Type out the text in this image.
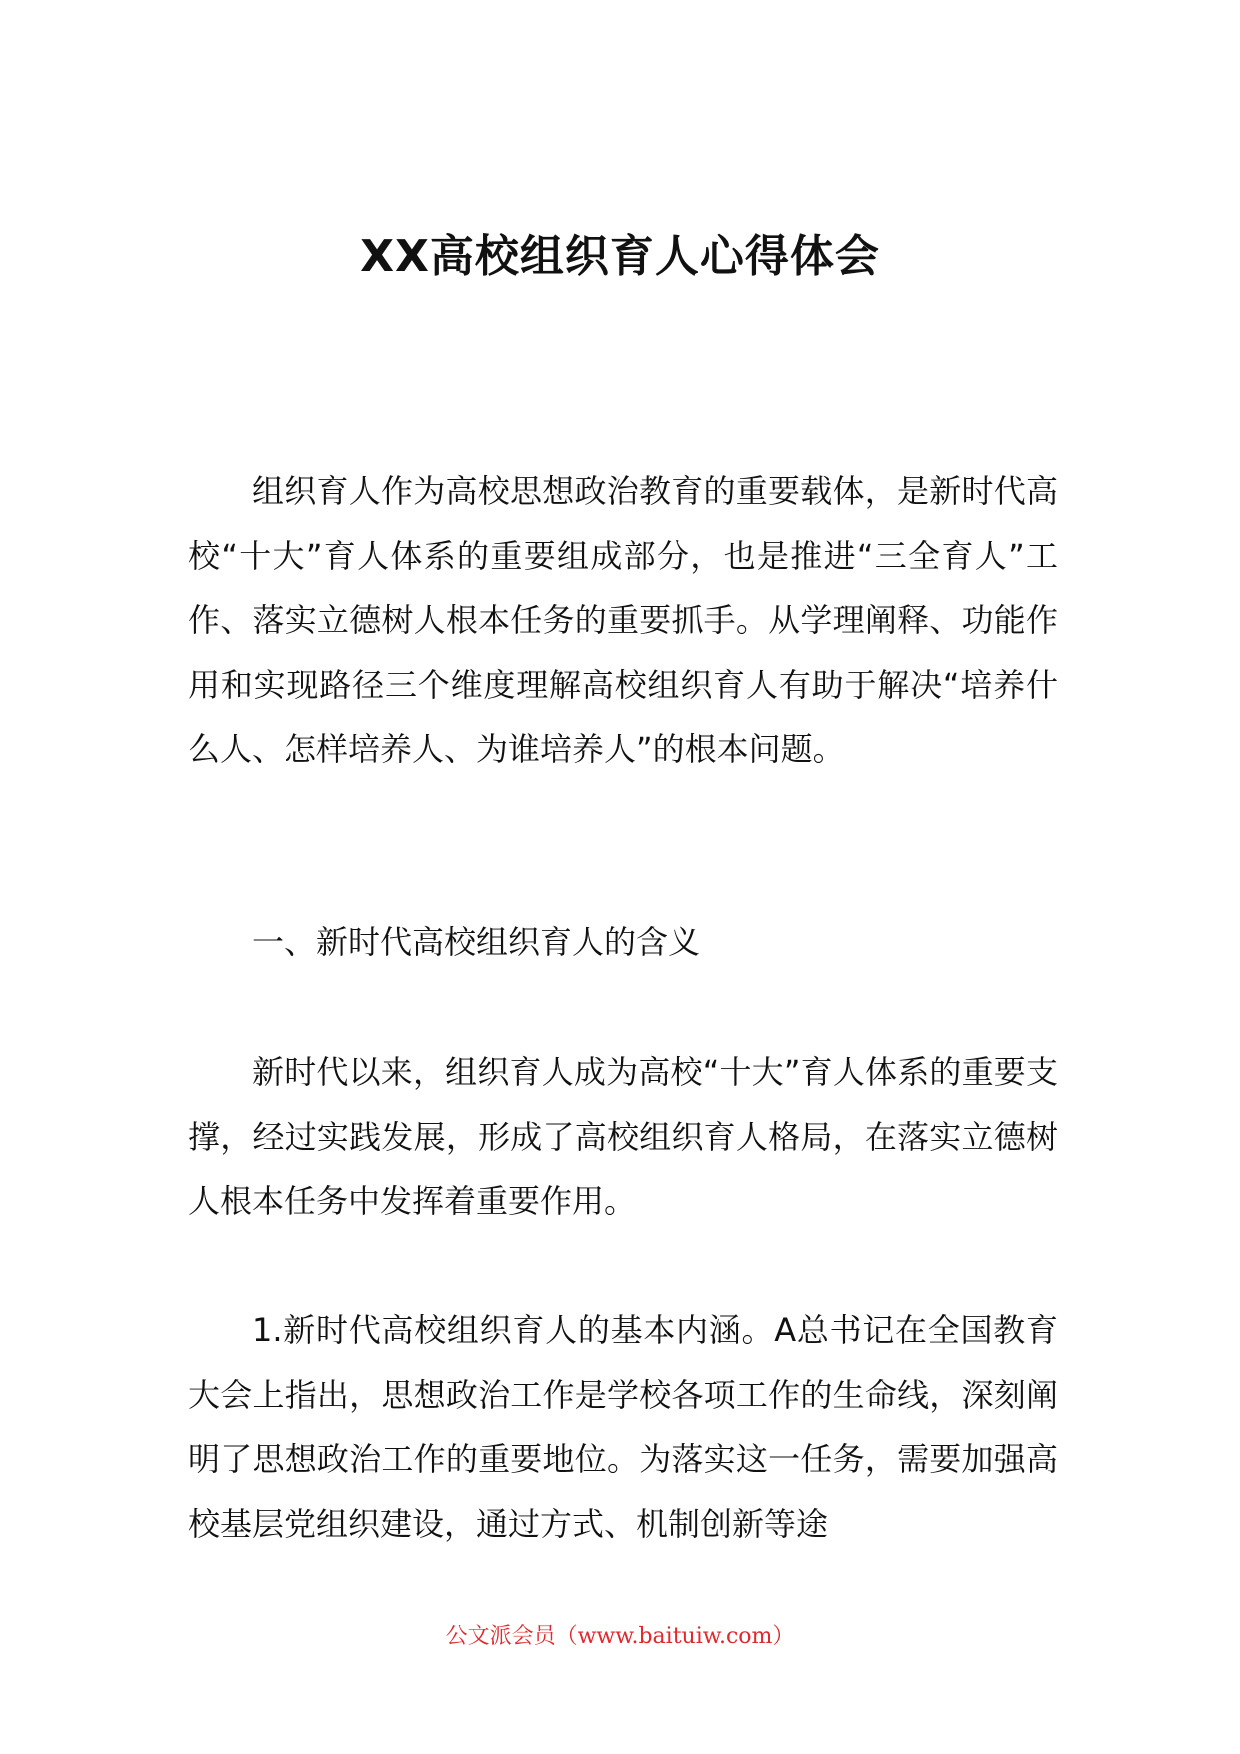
XX高校组织育人心得体会

组织育人作为高校思想政治教育的重要载体，是新时代高校“十大”育人体系的重要组成部分，也是推进“三全育人”工作、落实立德树人根本任务的重要抓手。从学理阐释、功能作用和实现路径三个维度理解高校组织育人有助于解决“培养什么人、怎样培养人、为谁培养人”的根本问题。

一、新时代高校组织育人的含义

新时代以来，组织育人成为高校“十大”育人体系的重要支撑，经过实践发展，形成了高校组织育人格局，在落实立德树人根本任务中发挥着重要作用。

1.新时代高校组织育人的基本内涵。A总书记在全国教育大会上指出，思想政治工作是学校各项工作的生命线，深刻阐明了思想政治工作的重要地位。为落实这一任务，需要加强高校基层党组织建设，通过方式、机制创新等途

公文派会员（www.baituiw.com）
